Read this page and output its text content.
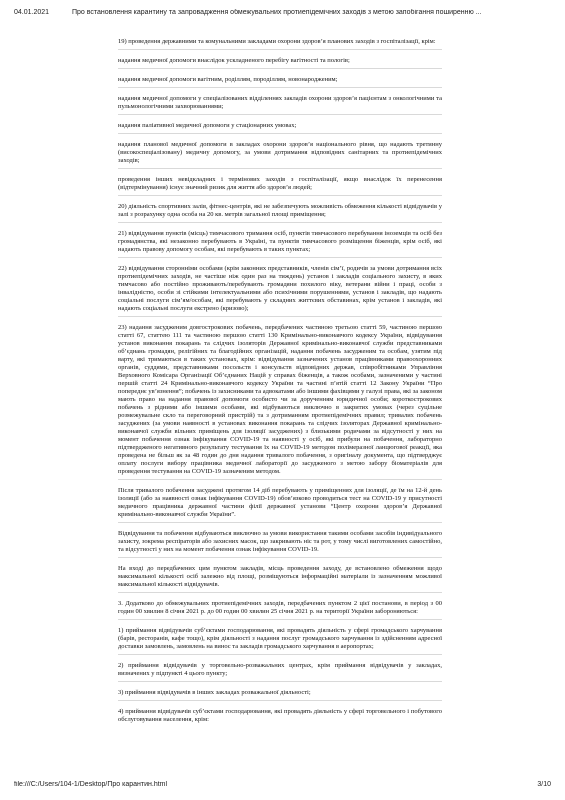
04.01.2021	Про встановлення карантину та запровадження обмежувальних протиепідемічних заходів з метою запобігання поширенню ...

19) проведення державними та комунальними закладами охорони здоров’я планових заходів з госпіталізації, крім:

надання медичної допомоги внаслідок ускладненого перебігу вагітності та пологів;

надання медичної допомоги вагітним, роділлям, породіллям, новонародженим;

надання медичної допомоги у спеціалізованих відділеннях закладів охорони здоров’я пацієнтам з онкологічними та пульмонологічними захворюваннями;

надання паліативної медичної допомоги у стаціонарних умовах;

надання планової медичної допомоги в закладах охорони здоров’я національного рівня, що надають третинну (високоспеціалізовану) медичну допомогу, за умови дотримання відповідних санітарних та протиепідемічних заходів;

проведення інших невідкладних і термінових заходів з госпіталізації, якщо внаслідок їх перенесення (відтермінування) існує значний ризик для життя або здоров’я людей;

20) діяльність спортивних залів, фітнес-центрів, які не забезпечують можливість обмеження кількості відвідувачів у залі з розрахунку одна особа на 20 кв. метрів загальної площі приміщення;

21) відвідування пунктів (місць) тимчасового тримання осіб, пунктів тимчасового перебування іноземців та осіб без громадянства, які незаконно перебувають в Україні, та пунктів тимчасового розміщення біженців, крім осіб, які надають правову допомогу особам, які перебувають в таких пунктах;

22) відвідування сторонніми особами (крім законних представників, членів сім’ї, родичів за умови дотримання всіх протиепідемічних заходів, не частіше ніж один раз на тиждень) установ і закладів соціального захисту, в яких тимчасово або постійно проживають/перебувають громадяни похилого віку, ветерани війни і праці, особи з інвалідністю, особи зі стійкими інтелектуальними або психічними порушеннями, установ і закладів, що надають соціальні послуги сім’ям/особам, які перебувають у складних життєвих обставинах, крім установ і закладів, які надають соціальні послуги екстрено (кризово);

23) надання засудженим довгострокових побачень, передбачених частиною третьою статті 59, частиною першою статті 67, статтею 111 та частиною першою статті 130 Кримінально-виконавчого кодексу України, відвідування установ виконання покарань та слідчих ізоляторів Державної кримінально-виконавчої служби представниками об’єднань громадян, релігійних та благодійних організацій, надання побачень засудженим та особам, узятим під варту, які тримаються в таких установах, крім: відвідування зазначених установ працівниками правоохоронних органів, суддями, представниками посольств і консульств відповідних держав, співробітниками Управління Верховного Комісара Організації Об’єднаних Націй у справах біженців, а також особами, зазначеними у частині першій статті 24 Кримінально-виконавчого кодексу України та частині п’ятій статті 12 Закону України “Про попереднє ув’язнення”; побачень із захисниками та адвокатами або іншими фахівцями у галузі права, які за законом мають право на надання правової допомоги особисто чи за дорученням юридичної особи; короткострокових побачень з рідними або іншими особами, які відбуваються виключно в закритих умовах (через суцільне розмежувальне скло та переговорний пристрій) та з дотриманням протиепідемічних правил; тривалих побачень засуджених (за умови наявності в установах виконання покарань та слідчих ізоляторах Державної кримінально-виконавчої служби вільних приміщень для ізоляції засуджених) з близькими родичами за відсутності у них на момент побачення ознак інфікування COVID-19 та наявності у осіб, які прибули на побачення, лабораторно підтвердженого негативного результату тестування їх на COVID-19 методом полімеразної ланцюгової реакції, яка проведена не більш як за 48 годин до дня надання тривалого побачення, з оригіналу документа, що підтверджує оплату послуги вибору працівника медичної лабораторії до засудженого з метою забору біоматеріалів для проведення тестування на COVID-19 зазначеним методом.

Після тривалого побачення засуджені протягом 14 діб перебувають у приміщеннях для ізоляції, де їм на 12-й день ізоляції (або за наявності ознак інфікування COVID-19) обов’язково проводиться тест на COVID-19 у присутності медичного працівника державної частини філії державної установи “Центр охорони здоров’я Державної кримінально-виконавчої служби України”.

Відвідування та побачення відбуваються виключно за умови використання такими особами засобів індивідуального захисту, зокрема респіраторів або захисних масок, що закривають ніс та рот, у тому числі виготовлених самостійно, та відсутності у них на момент побачення ознак інфікування COVID-19.

На вході до передбачених цим пунктом закладів, місць проведення заходу, де встановлено обмеження щодо максимальної кількості осіб залежно від площі, розміщуються інформаційні матеріали із зазначенням можливої максимальної кількості відвідувачів.

3. Додатково до обмежувальних протиепідемічних заходів, передбачених пунктом 2 цієї постанови, в період з 00 годин 00 хвилин 8 січня 2021 р. до 00 годин 00 хвилин 25 січня 2021 р. на території України забороняються:

1) приймання відвідувачів суб’єктами господарювання, які провадять діяльність у сфері громадського харчування (барів, ресторанів, кафе тощо), крім діяльності з надання послуг громадського харчування із здійсненням адресної доставки замовлень, замовлень на винос та закладів громадського харчування в аеропортах;

2) приймання відвідувачів у торговельно-розважальних центрах, крім приймання відвідувачів у закладах, визначених у підпункті 4 цього пункту;

3) приймання відвідувачів в інших закладах розважальної діяльності;

4) приймання відвідувачів суб’єктами господарювання, які провадять діяльність у сфері торговельного і побутового обслуговування населення, крім:

file:///C:/Users/104-1/Desktop/Про карантин.html	3/10
